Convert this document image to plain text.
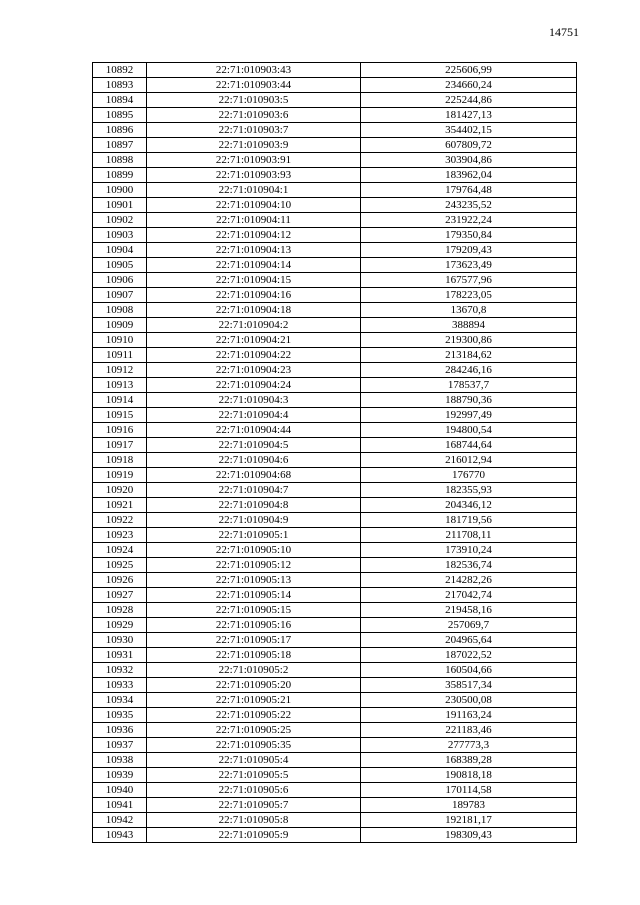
14751
10892	22:71:010903:43	225606,99
10893	22:71:010903:44	234660,24
10894	22:71:010903:5	225244,86
10895	22:71:010903:6	181427,13
10896	22:71:010903:7	354402,15
10897	22:71:010903:9	607809,72
10898	22:71:010903:91	303904,86
10899	22:71:010903:93	183962,04
10900	22:71:010904:1	179764,48
10901	22:71:010904:10	243235,52
10902	22:71:010904:11	231922,24
10903	22:71:010904:12	179350,84
10904	22:71:010904:13	179209,43
10905	22:71:010904:14	173623,49
10906	22:71:010904:15	167577,96
10907	22:71:010904:16	178223,05
10908	22:71:010904:18	13670,8
10909	22:71:010904:2	388894
10910	22:71:010904:21	219300,86
10911	22:71:010904:22	213184,62
10912	22:71:010904:23	284246,16
10913	22:71:010904:24	178537,7
10914	22:71:010904:3	188790,36
10915	22:71:010904:4	192997,49
10916	22:71:010904:44	194800,54
10917	22:71:010904:5	168744,64
10918	22:71:010904:6	216012,94
10919	22:71:010904:68	176770
10920	22:71:010904:7	182355,93
10921	22:71:010904:8	204346,12
10922	22:71:010904:9	181719,56
10923	22:71:010905:1	211708,11
10924	22:71:010905:10	173910,24
10925	22:71:010905:12	182536,74
10926	22:71:010905:13	214282,26
10927	22:71:010905:14	217042,74
10928	22:71:010905:15	219458,16
10929	22:71:010905:16	257069,7
10930	22:71:010905:17	204965,64
10931	22:71:010905:18	187022,52
10932	22:71:010905:2	160504,66
10933	22:71:010905:20	358517,34
10934	22:71:010905:21	230500,08
10935	22:71:010905:22	191163,24
10936	22:71:010905:25	221183,46
10937	22:71:010905:35	277773,3
10938	22:71:010905:4	168389,28
10939	22:71:010905:5	190818,18
10940	22:71:010905:6	170114,58
10941	22:71:010905:7	189783
10942	22:71:010905:8	192181,17
10943	22:71:010905:9	198309,43
